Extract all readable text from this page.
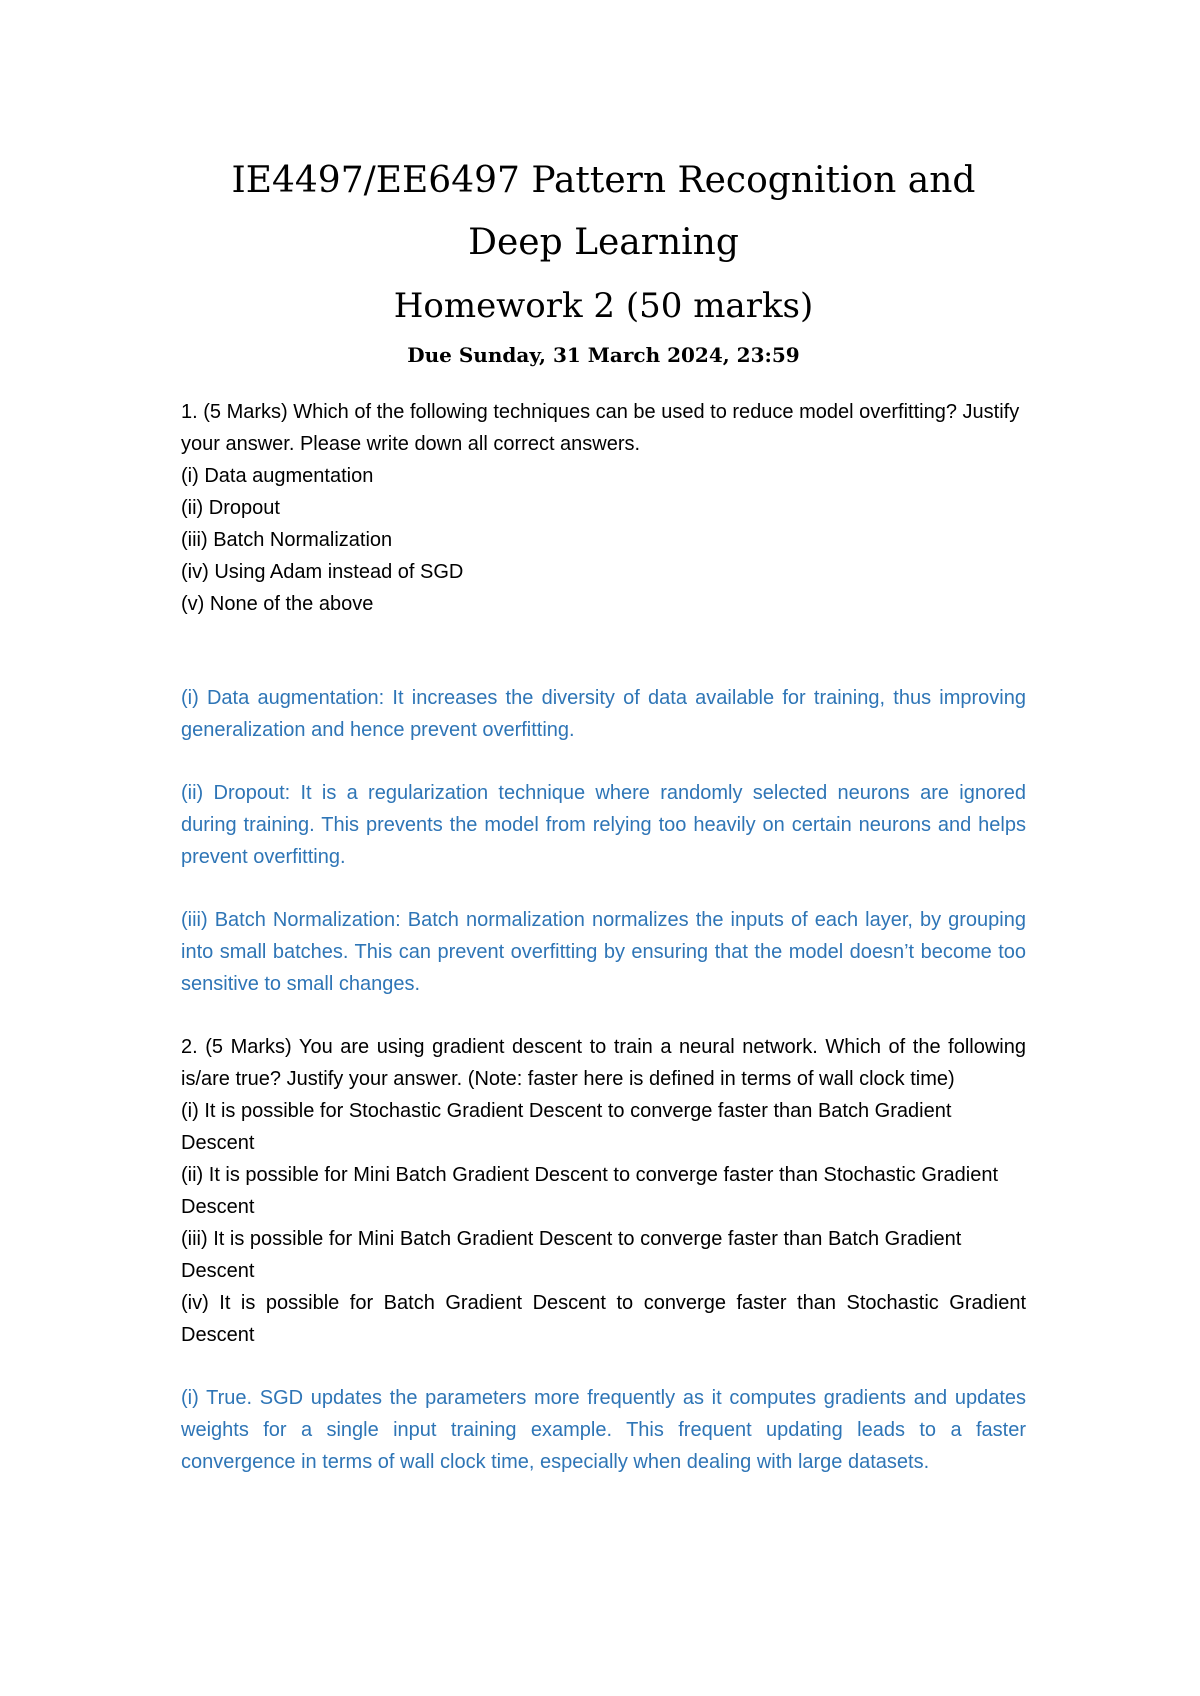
IE4497/EE6497 Pattern Recognition and Deep Learning
Homework 2 (50 marks)
Due Sunday, 31 March 2024, 23:59
1. (5 Marks) Which of the following techniques can be used to reduce model overfitting? Justify your answer. Please write down all correct answers.
(i) Data augmentation
(ii) Dropout
(iii) Batch Normalization
(iv) Using Adam instead of SGD
(v) None of the above

(i) Data augmentation: It increases the diversity of data available for training, thus improving generalization and hence prevent overfitting.

(ii) Dropout: It is a regularization technique where randomly selected neurons are ignored during training. This prevents the model from relying too heavily on certain neurons and helps prevent overfitting.

(iii) Batch Normalization: Batch normalization normalizes the inputs of each layer, by grouping into small batches. This can prevent overfitting by ensuring that the model doesn’t become too sensitive to small changes.

2. (5 Marks) You are using gradient descent to train a neural network. Which of the following is/are true? Justify your answer. (Note: faster here is defined in terms of wall clock time)
(i) It is possible for Stochastic Gradient Descent to converge faster than Batch Gradient Descent
(ii) It is possible for Mini Batch Gradient Descent to converge faster than Stochastic Gradient Descent
(iii) It is possible for Mini Batch Gradient Descent to converge faster than Batch Gradient Descent
(iv) It is possible for Batch Gradient Descent to converge faster than Stochastic Gradient Descent

(i) True. SGD updates the parameters more frequently as it computes gradients and updates weights for a single input training example. This frequent updating leads to a faster convergence in terms of wall clock time, especially when dealing with large datasets.
